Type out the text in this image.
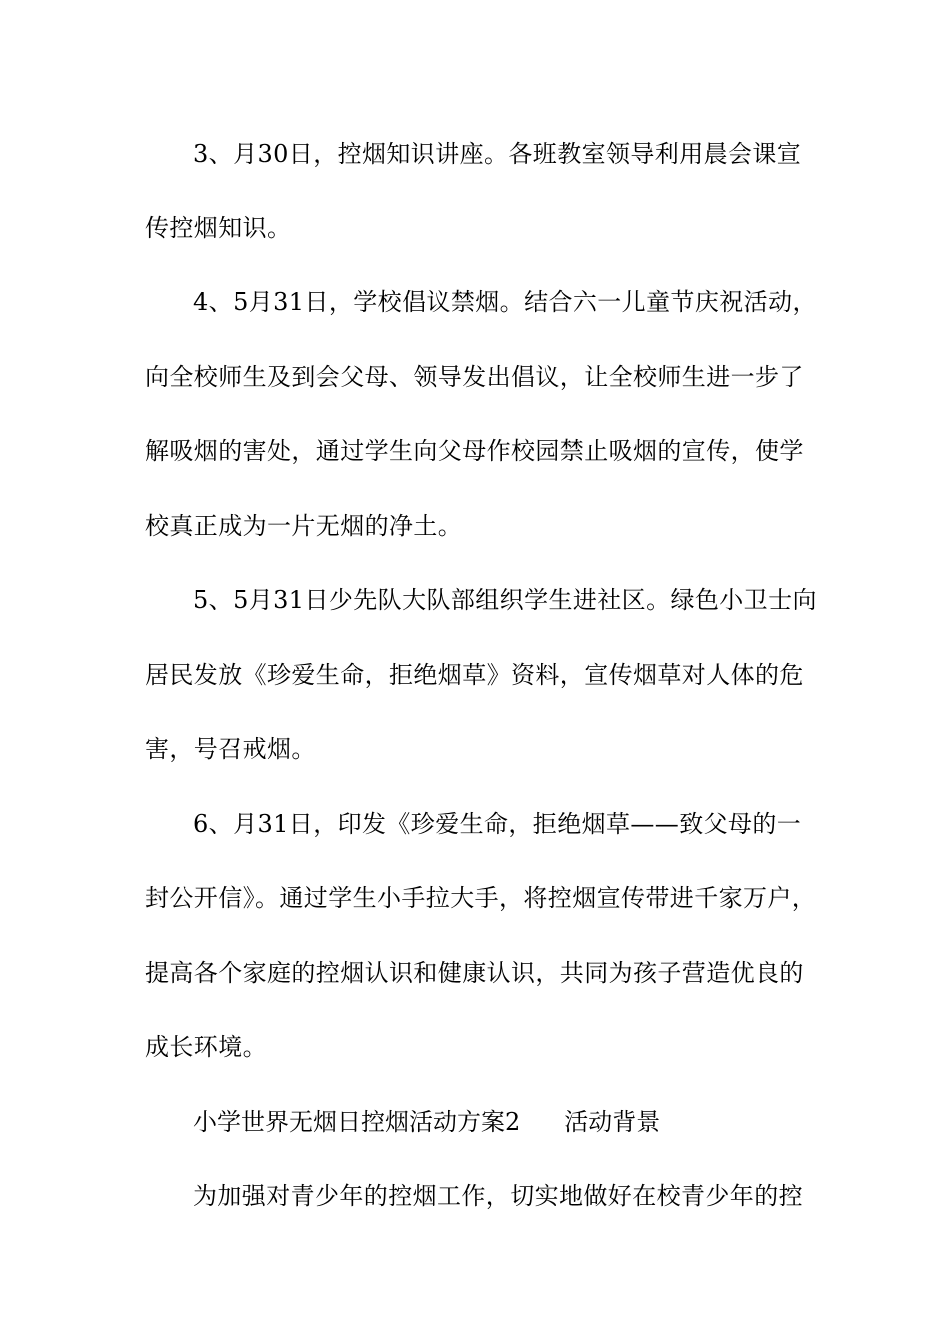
3、月30日，控烟知识讲座。各班教室领导利用晨会课宣
传控烟知识。
4、5月31日，学校倡议禁烟。结合六一儿童节庆祝活动，
向全校师生及到会父母、领导发出倡议，让全校师生进一步了
解吸烟的害处，通过学生向父母作校园禁止吸烟的宣传，使学
校真正成为一片无烟的净土。
5、5月31日少先队大队部组织学生进社区。绿色小卫士向
居民发放《珍爱生命，拒绝烟草》资料，宣传烟草对人体的危
害，号召戒烟。
6、月31日，印发《珍爱生命，拒绝烟草——致父母的一
封公开信》。通过学生小手拉大手，将控烟宣传带进千家万户，
提高各个家庭的控烟认识和健康认识，共同为孩子营造优良的
成长环境。
小学世界无烟日控烟活动方案2 活动背景
为加强对青少年的控烟工作，切实地做好在校青少年的控
